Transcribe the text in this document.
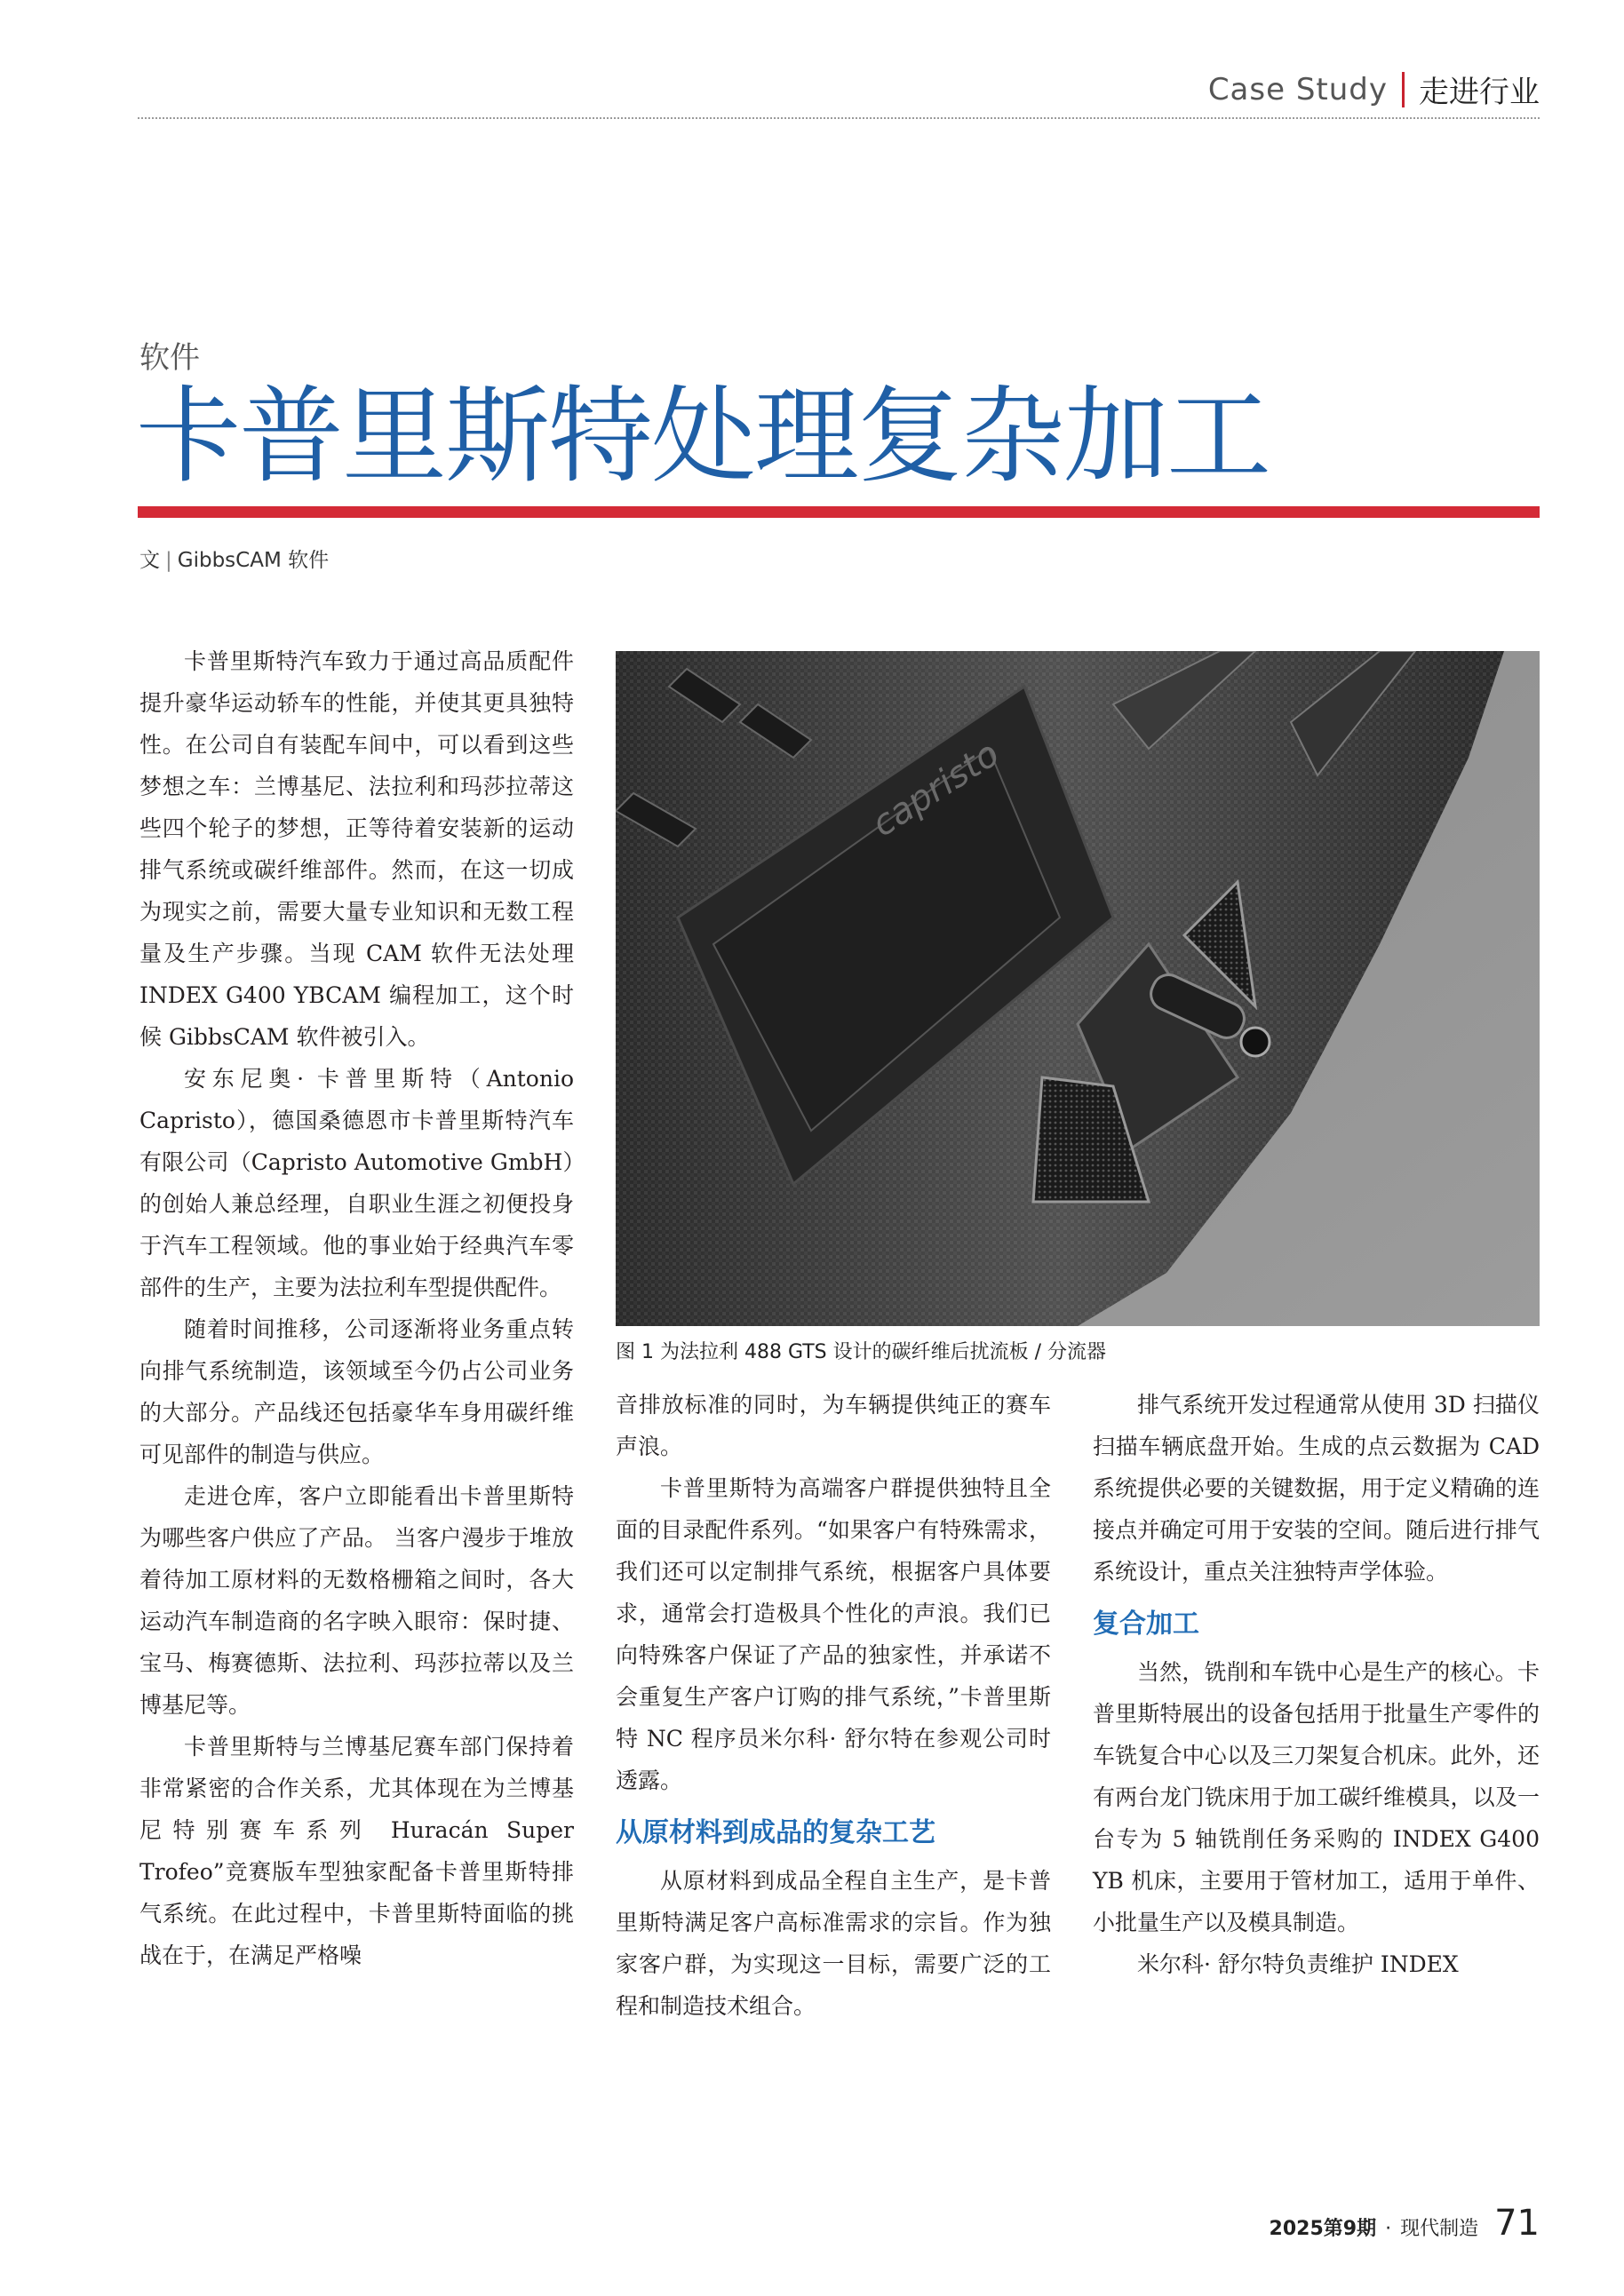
Case Study 走进行业
软件
卡普里斯特处理复杂加工
文 | GibbsCAM 软件

卡普里斯特汽车致力于通过高品质配件提升豪华运动轿车的性能，并使其更具独特性。在公司自有装配车间中，可以看到这些梦想之车：兰博基尼、法拉利和玛莎拉蒂这些四个轮子的梦想，正等待着安装新的运动排气系统或碳纤维部件。然而，在这一切成为现实之前，需要大量专业知识和无数工程量及生产步骤。当现 CAM 软件无法处理 INDEX G400 YBCAM 编程加工，这个时候 GibbsCAM 软件被引入。

安东尼奥· 卡普里斯特（Antonio Capristo），德国桑德恩市卡普里斯特汽车有限公司（Capristo Automotive GmbH）的创始人兼总经理，自职业生涯之初便投身于汽车工程领域。他的事业始于经典汽车零部件的生产，主要为法拉利车型提供配件。

随着时间推移，公司逐渐将业务重点转向排气系统制造，该领域至今仍占公司业务的大部分。产品线还包括豪华车身用碳纤维可见部件的制造与供应。

走进仓库，客户立即能看出卡普里斯特为哪些客户供应了产品。 当客户漫步于堆放着待加工原材料的无数格栅箱之间时，各大运动汽车制造商的名字映入眼帘：保时捷、宝马、梅赛德斯、法拉利、玛莎拉蒂以及兰博基尼等。

卡普里斯特与兰博基尼赛车部门保持着非常紧密的合作关系，尤其体现在为兰博基尼特别赛车系列 Huracán Super Trofeo”竞赛版车型独家配备卡普里斯特排气系统。在此过程中，卡普里斯特面临的挑战在于，在满足严格噪

capristo
图 1 为法拉利 488 GTS 设计的碳纤维后扰流板 / 分流器

音排放标准的同时，为车辆提供纯正的赛车声浪。

卡普里斯特为高端客户群提供独特且全面的目录配件系列。“如果客户有特殊需求，我们还可以定制排气系统，根据客户具体要求，通常会打造极具个性化的声浪。我们已向特殊客户保证了产品的独家性，并承诺不会重复生产客户订购的排气系统，”卡普里斯特 NC 程序员米尔科· 舒尔特在参观公司时透露。

从原材料到成品的复杂工艺

从原材料到成品全程自主生产，是卡普里斯特满足客户高标准需求的宗旨。作为独家客户群，为实现这一目标，需要广泛的工程和制造技术组合。

排气系统开发过程通常从使用 3D 扫描仪扫描车辆底盘开始。生成的点云数据为 CAD 系统提供必要的关键数据，用于定义精确的连接点并确定可用于安装的空间。随后进行排气系统设计，重点关注独特声学体验。

复合加工

当然，铣削和车铣中心是生产的核心。卡普里斯特展出的设备包括用于批量生产零件的车铣复合中心以及三刀架复合机床。此外，还有两台龙门铣床用于加工碳纤维模具，以及一台专为 5 轴铣削任务采购的 INDEX G400 YB 机床，主要用于管材加工，适用于单件、小批量生产以及模具制造。

米尔科· 舒尔特负责维护 INDEX

2025第9期 · 现代制造 71
